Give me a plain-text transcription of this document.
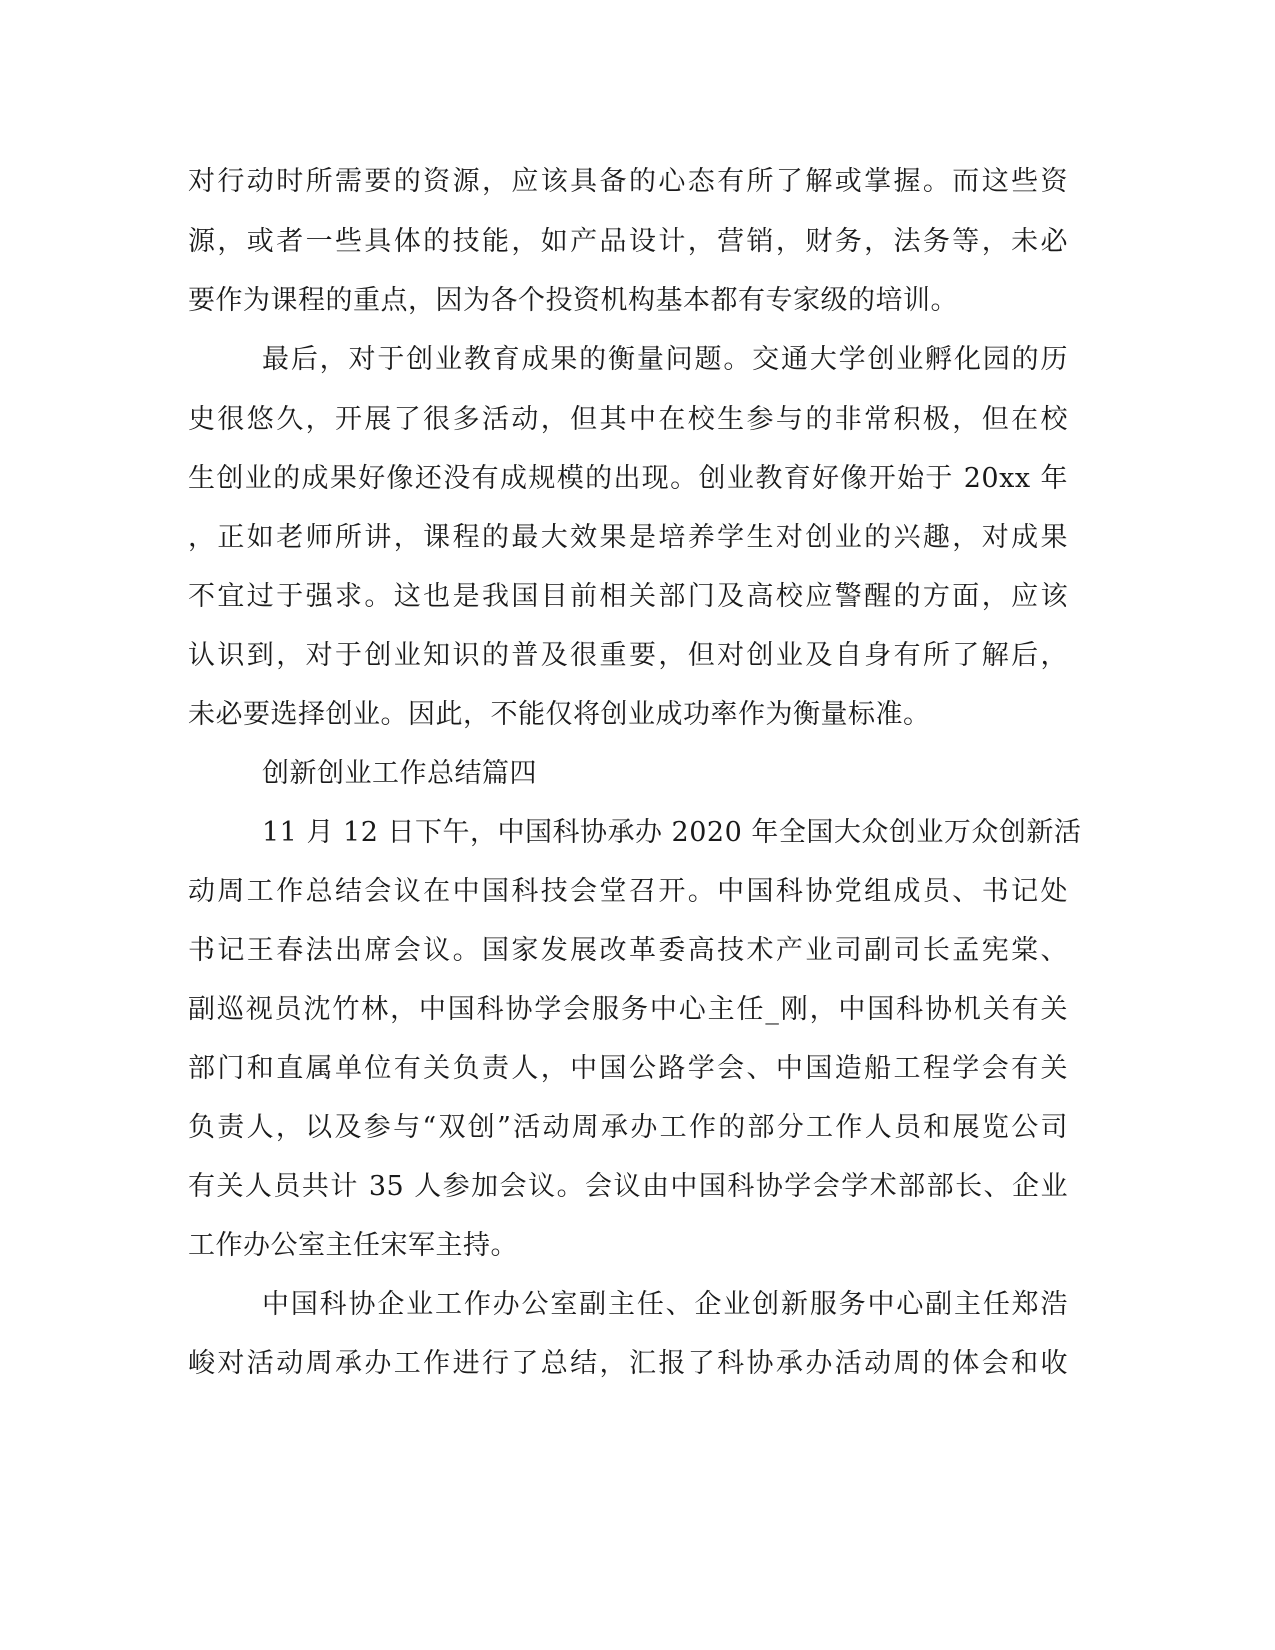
对行动时所需要的资源，应该具备的心态有所了解或掌握。而这些资
源，或者一些具体的技能，如产品设计，营销，财务，法务等，未必
要作为课程的重点，因为各个投资机构基本都有专家级的培训。
最后，对于创业教育成果的衡量问题。交通大学创业孵化园的历
史很悠久，开展了很多活动，但其中在校生参与的非常积极，但在校
生创业的成果好像还没有成规模的出现。创业教育好像开始于 20xx 年
，正如老师所讲，课程的最大效果是培养学生对创业的兴趣，对成果
不宜过于强求。这也是我国目前相关部门及高校应警醒的方面，应该
认识到，对于创业知识的普及很重要，但对创业及自身有所了解后，
未必要选择创业。因此，不能仅将创业成功率作为衡量标准。
创新创业工作总结篇四
11 月 12 日下午，中国科协承办 2020 年全国大众创业万众创新活
动周工作总结会议在中国科技会堂召开。中国科协党组成员、书记处
书记王春法出席会议。国家发展改革委高技术产业司副司长孟宪棠、
副巡视员沈竹林，中国科协学会服务中心主任_刚，中国科协机关有关
部门和直属单位有关负责人，中国公路学会、中国造船工程学会有关
负责人，以及参与“双创”活动周承办工作的部分工作人员和展览公司
有关人员共计 35 人参加会议。会议由中国科协学会学术部部长、企业
工作办公室主任宋军主持。
中国科协企业工作办公室副主任、企业创新服务中心副主任郑浩
峻对活动周承办工作进行了总结，汇报了科协承办活动周的体会和收
